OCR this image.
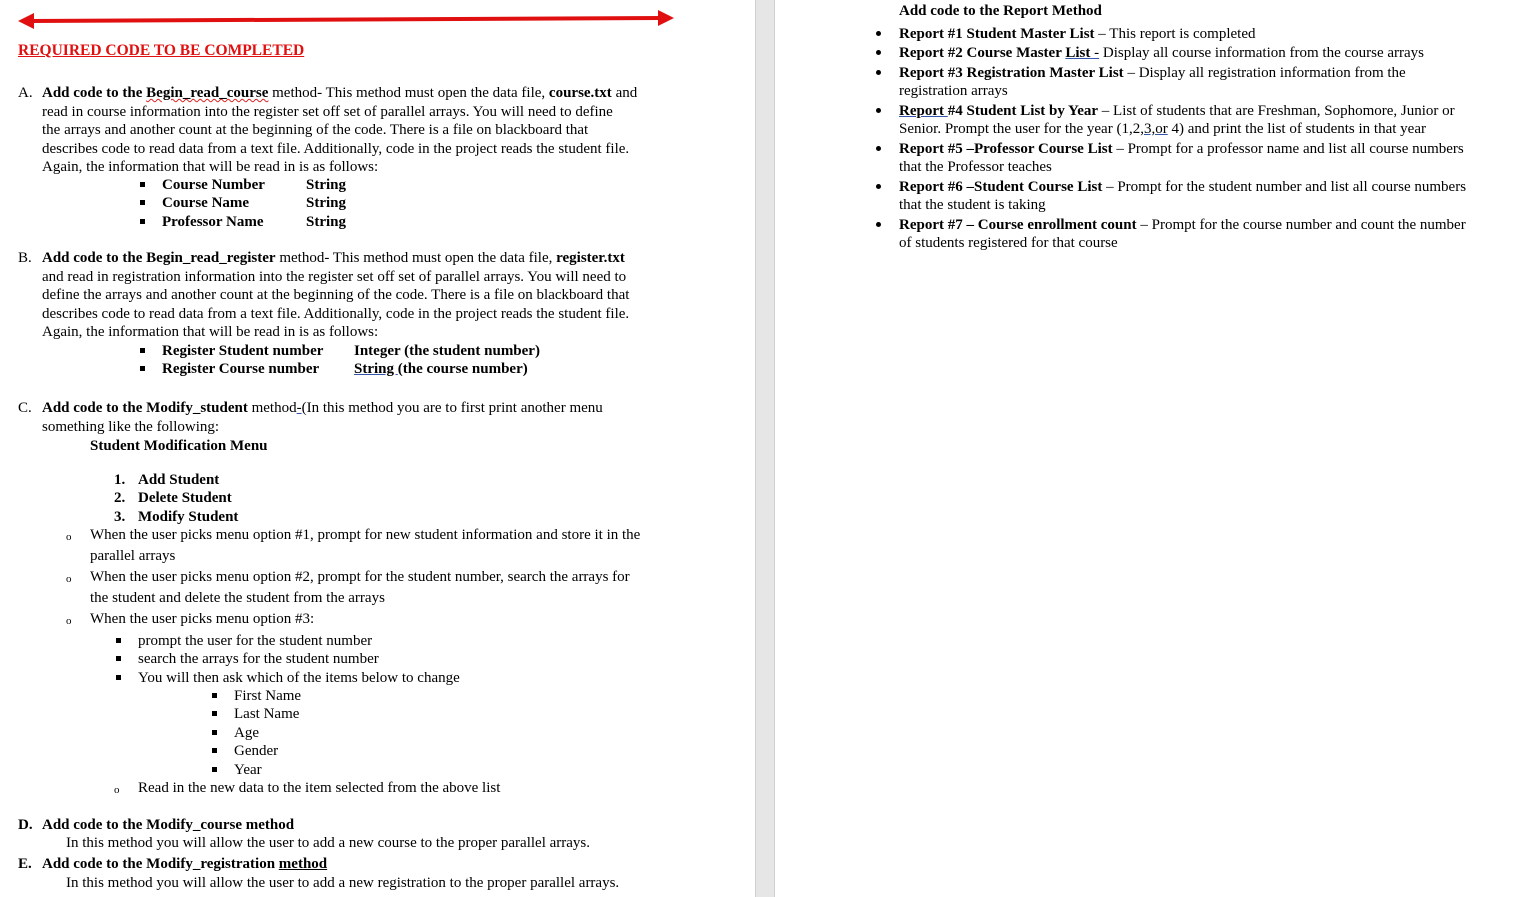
REQUIRED CODE TO BE COMPLETED
A. Add code to the Begin_read_course method- This method must open the data file, course.txt and
read in course information into the register set off set of parallel arrays. You will need to define
the arrays and another count at the beginning of the code. There is a file on blackboard that
describes code to read data from a text file. Additionally, code in the project reads the student file.
Again, the information that will be read in is as follows:
Course Number	String
Course Name	String
Professor Name	String
B. Add code to the Begin_read_register method- This method must open the data file, register.txt
and read in registration information into the register set off set of parallel arrays. You will need to
define the arrays and another count at the beginning of the code. There is a file on blackboard that
describes code to read data from a text file. Additionally, code in the project reads the student file.
Again, the information that will be read in is as follows:
Register Student number Integer (the student number)
Register Course number String (the course number)
C. Add code to the Modify_student method-(In this method you are to first print another menu
something like the following:
Student Modification Menu
1. Add Student
2. Delete Student
3. Modify Student
o When the user picks menu option #1, prompt for new student information and store it in the
parallel arrays
o When the user picks menu option #2, prompt for the student number, search the arrays for
the student and delete the student from the arrays
o When the user picks menu option #3:
prompt the user for the student number
search the arrays for the student number
You will then ask which of the items below to change
First Name
Last Name
Age
Gender
Year
o Read in the new data to the item selected from the above list
D. Add code to the Modify_course method
In this method you will allow the user to add a new course to the proper parallel arrays.
E. Add code to the Modify_registration method
In this method you will allow the user to add a new registration to the proper parallel arrays.
Add code to the Report Method
Report #1 Student Master List – This report is completed
Report #2 Course Master List - Display all course information from the course arrays
Report #3 Registration Master List – Display all registration information from the
registration arrays
Report #4 Student List by Year – List of students that are Freshman, Sophomore, Junior or
Senior. Prompt the user for the year (1,2,3,or 4) and print the list of students in that year
Report #5 –Professor Course List – Prompt for a professor name and list all course numbers
that the Professor teaches
Report #6 –Student Course List – Prompt for the student number and list all course numbers
that the student is taking
Report #7 – Course enrollment count – Prompt for the course number and count the number
of students registered for that course
